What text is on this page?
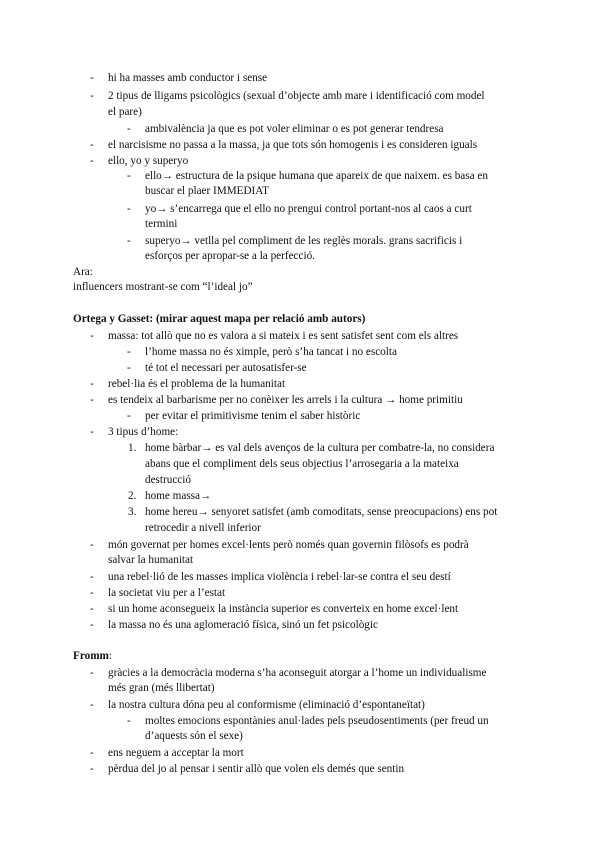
- hi ha masses amb conductor i sense
- 2 tipus de lligams psicològics (sexual d’objecte amb mare i identificació com model
el pare)
- ambivalència ja que es pot voler eliminar o es pot generar tendresa
- el narcisisme no passa a la massa, ja que tots són homogenis i es consideren iguals
- ello, yo y superyo
- ello→ estructura de la psique humana que apareix de que naixem. es basa en
buscar el plaer IMMEDIAT
- yo→ s’encarrega que el ello no prengui control portant-nos al caos a curt
termini
- superyo→ vetlla pel compliment de les reglès morals. grans sacrificis i
esforços per apropar-se a la perfecció.
Ara:
influencers mostrant-se com “l’ideal jo”
Ortega y Gasset: (mirar aquest mapa per relació amb autors)
- massa: tot allò que no es valora a si mateix i es sent satisfet sent com els altres
- l’home massa no és ximple, però s’ha tancat i no escolta
- té tot el necessari per autosatisfer-se
- rebel·lia és el problema de la humanitat
- es tendeix al barbarisme per no conèixer les arrels i la cultura → home primitiu
- per evitar el primitivisme tenim el saber històric
- 3 tipus d’home:
1. home bàrbar→ es val dels avenços de la cultura per combatre-la, no considera
abans que el compliment dels seus objectius l’arrosegaria a la mateixa
destrucció
2. home massa→
3. home hereu→ senyoret satisfet (amb comoditats, sense preocupacions) ens pot
retrocedir a nivell inferior
- món governat per homes excel·lents però només quan governin filòsofs es podrà
salvar la humanitat
- una rebel·lió de les masses implica violència i rebel·lar-se contra el seu destí
- la societat viu per a l’estat
- si un home aconsegueix la instància superior es converteix en home excel·lent
- la massa no és una aglomeració física, sinó un fet psicològic
Fromm:
- gràcies a la democràcia moderna s’ha aconseguit atorgar a l’home un individualisme
més gran (més llibertat)
- la nostra cultura dóna peu al conformisme (eliminació d’espontaneïtat)
- moltes emocions espontànies anul·lades pels pseudosentiments (per freud un
d’aquests són el sexe)
- ens neguem a acceptar la mort
- pèrdua del jo al pensar i sentir allò que volen els demés que sentin
